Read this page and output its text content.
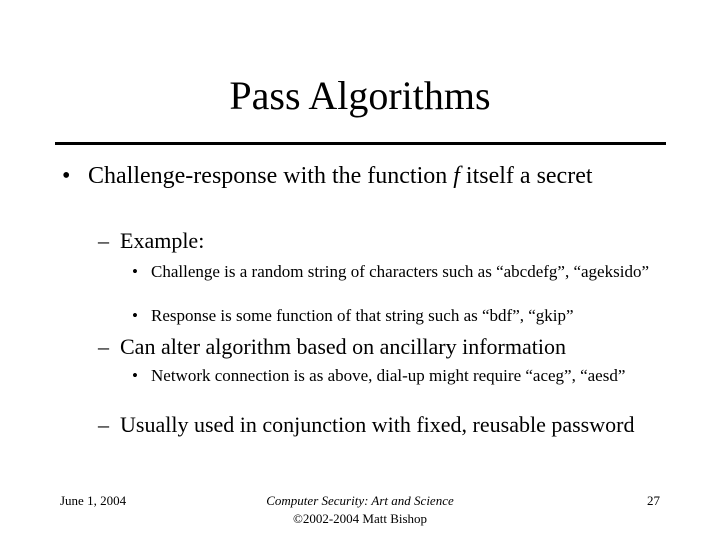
Pass Algorithms
• Challenge-response with the function f itself a secret
– Example:
• Challenge is a random string of characters such as “abcdefg”, “ageksido”
• Response is some function of that string such as “bdf”, “gkip”
– Can alter algorithm based on ancillary information
• Network connection is as above, dial-up might require “aceg”, “aesd”
– Usually used in conjunction with fixed, reusable password
June 1, 2004	Computer Security: Art and Science
©2002-2004 Matt Bishop
27
